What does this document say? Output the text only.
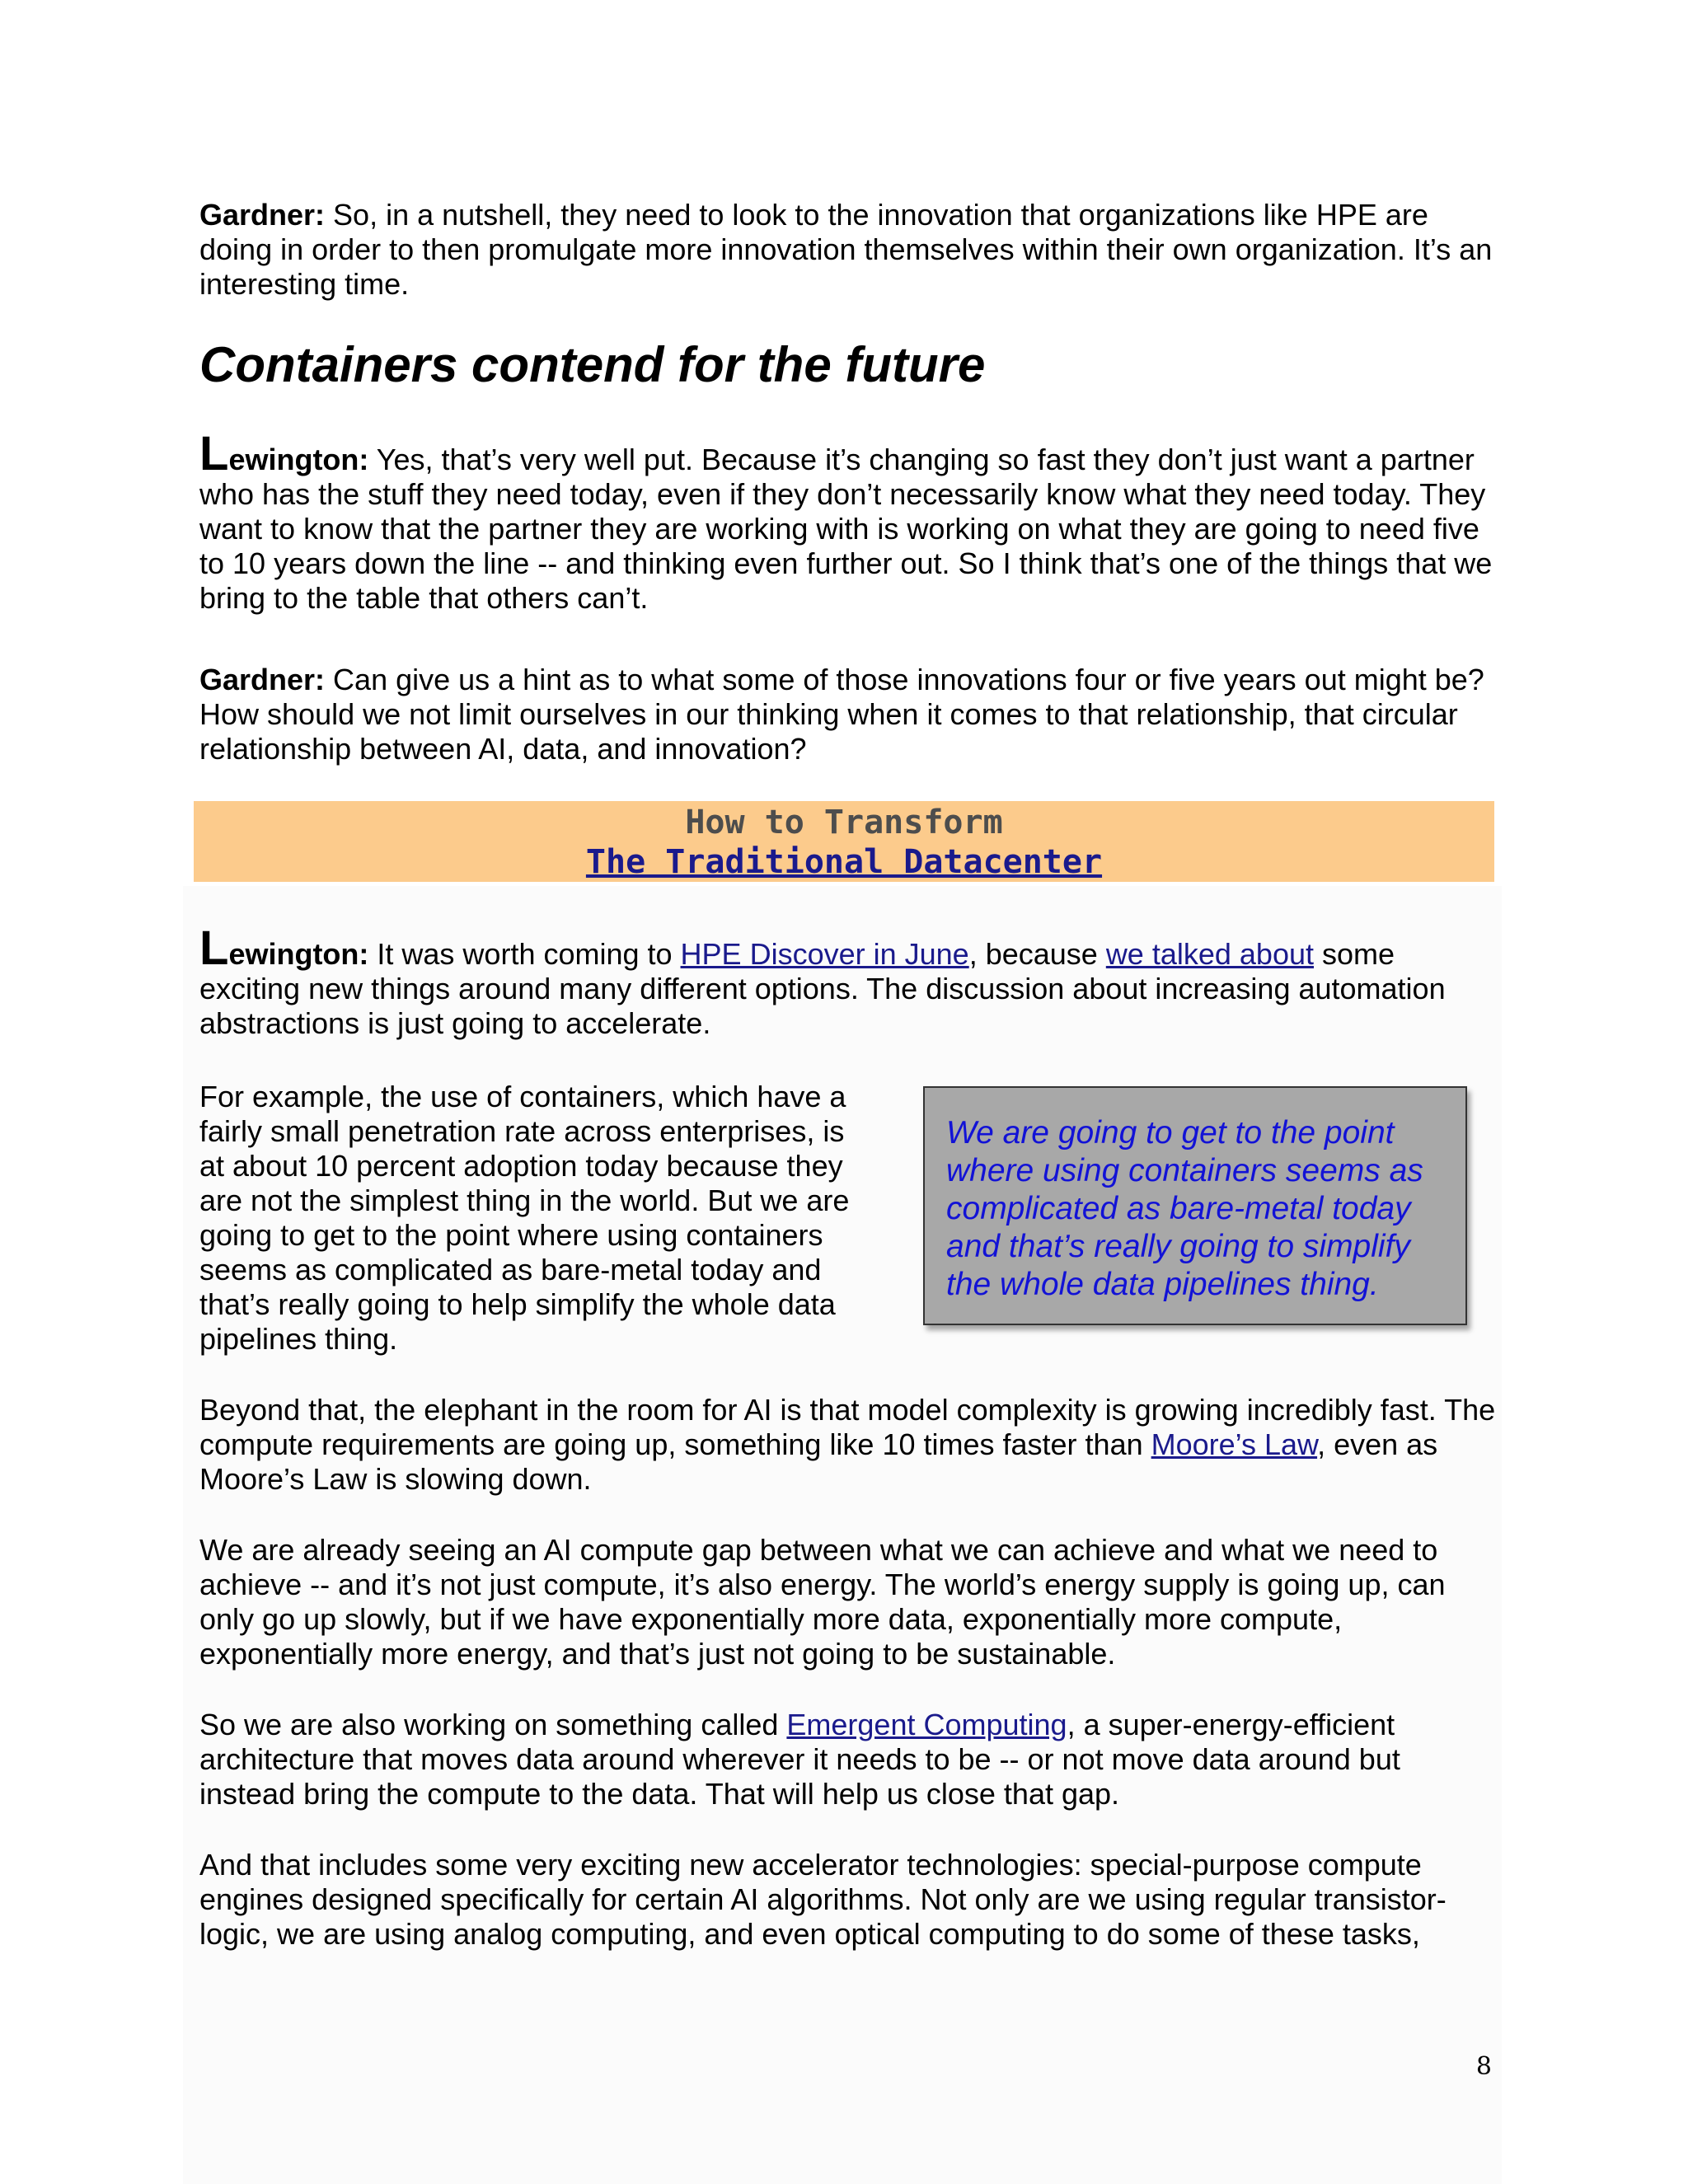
Gardner: So, in a nutshell, they need to look to the innovation that organizations like HPE are doing in order to then promulgate more innovation themselves within their own organization. It’s an interesting time.

Containers contend for the future

Lewington: Yes, that’s very well put. Because it’s changing so fast they don’t just want a partner who has the stuff they need today, even if they don’t necessarily know what they need today. They want to know that the partner they are working with is working on what they are going to need five to 10 years down the line -- and thinking even further out. So I think that’s one of the things that we bring to the table that others can’t.

Gardner: Can give us a hint as to what some of those innovations four or five years out might be? How should we not limit ourselves in our thinking when it comes to that relationship, that circular relationship between AI, data, and innovation?

How to Transform
The Traditional Datacenter

Lewington: It was worth coming to HPE Discover in June, because we talked about some exciting new things around many different options. The discussion about increasing automation abstractions is just going to accelerate.

For example, the use of containers, which have a fairly small penetration rate across enterprises, is at about 10 percent adoption today because they are not the simplest thing in the world. But we are going to get to the point where using containers seems as complicated as bare-metal today and that’s really going to help simplify the whole data pipelines thing.

We are going to get to the point where using containers seems as complicated as bare-metal today and that’s really going to simplify the whole data pipelines thing.

Beyond that, the elephant in the room for AI is that model complexity is growing incredibly fast. The compute requirements are going up, something like 10 times faster than Moore’s Law, even as Moore’s Law is slowing down.

We are already seeing an AI compute gap between what we can achieve and what we need to achieve -- and it’s not just compute, it’s also energy. The world’s energy supply is going up, can only go up slowly, but if we have exponentially more data, exponentially more compute, exponentially more energy, and that’s just not going to be sustainable.

So we are also working on something called Emergent Computing, a super-energy-efficient architecture that moves data around wherever it needs to be -- or not move data around but instead bring the compute to the data. That will help us close that gap.

And that includes some very exciting new accelerator technologies: special-purpose compute engines designed specifically for certain AI algorithms. Not only are we using regular transistor-logic, we are using analog computing, and even optical computing to do some of these tasks,

8
